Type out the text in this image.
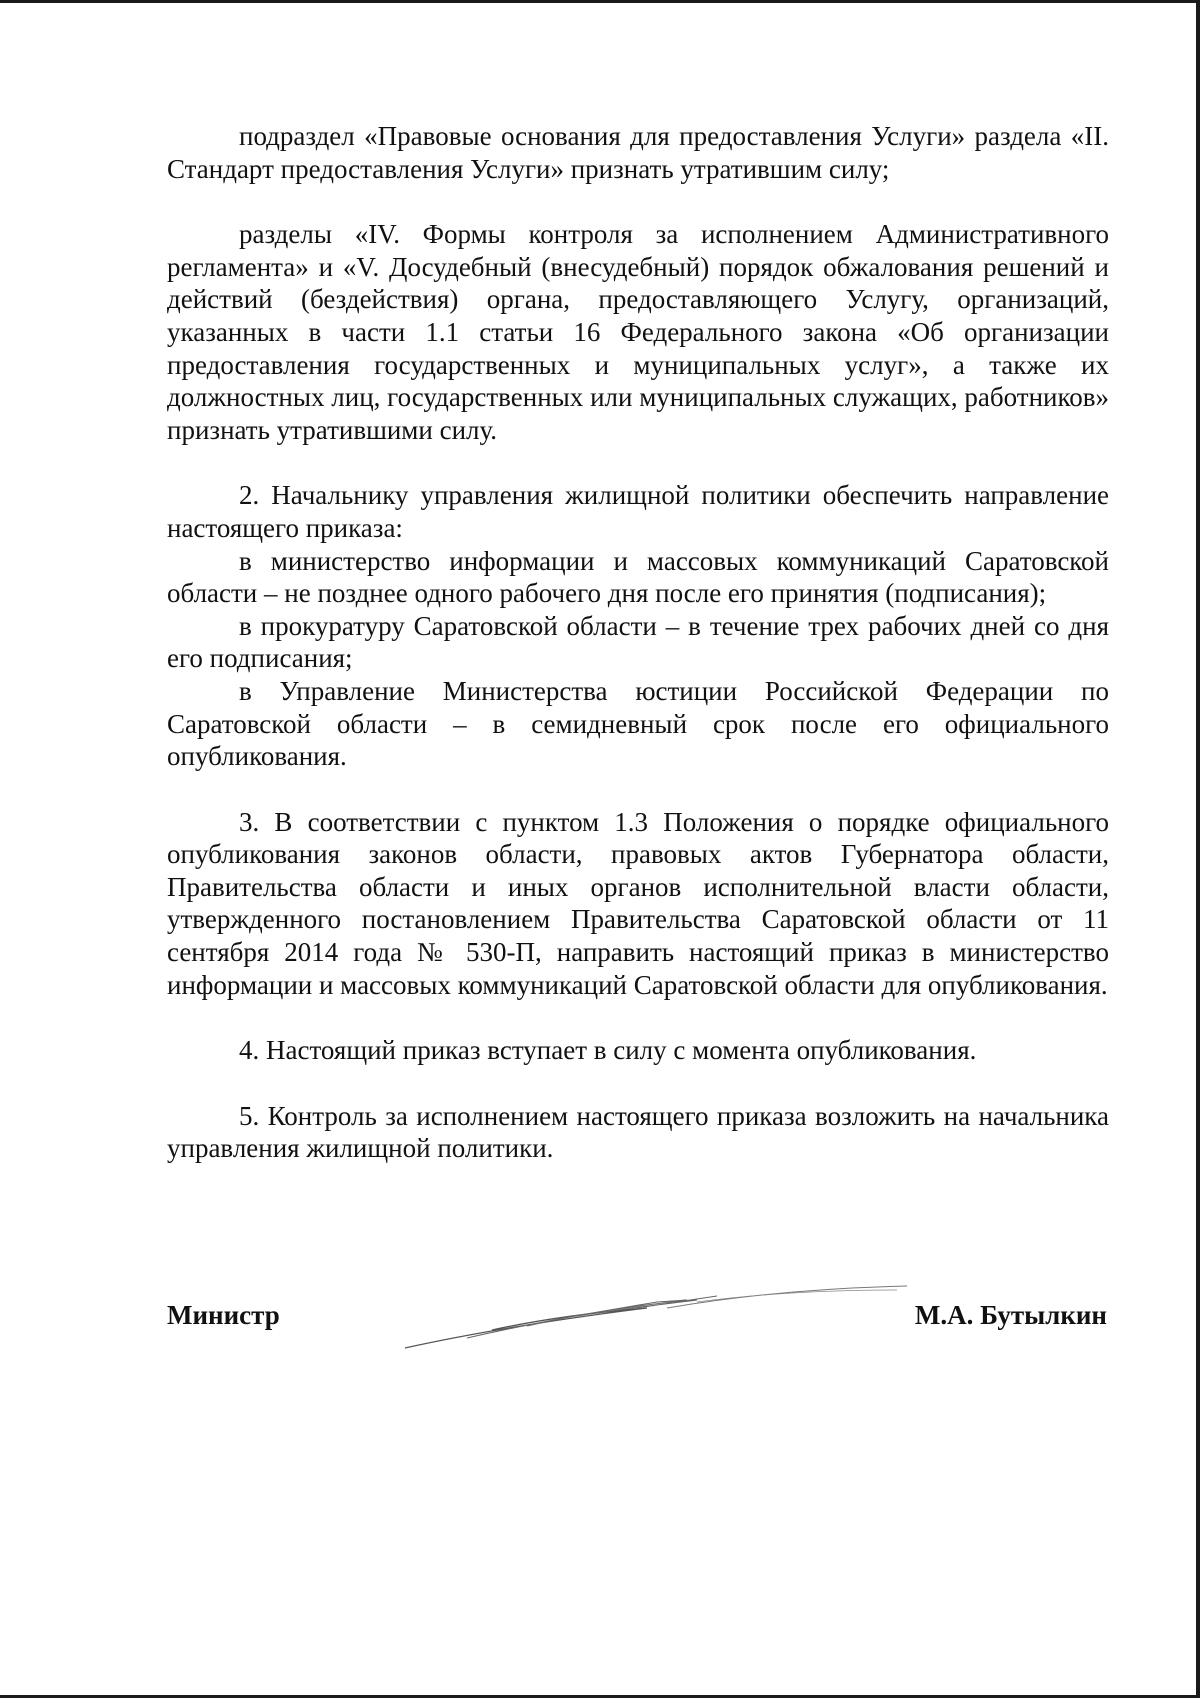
подраздел «Правовые основания для предоставления Услуги» раздела «II. Стандарт предоставления Услуги» признать утратившим силу;

разделы «IV. Формы контроля за исполнением Административного регламента» и «V. Досудебный (внесудебный) порядок обжалования решений и действий (бездействия) органа, предоставляющего Услугу, организаций, указанных в части 1.1 статьи 16 Федерального закона «Об организации предоставления государственных и муниципальных услуг», а также их должностных лиц, государственных или муниципальных служащих, работников» признать утратившими силу.

2. Начальнику управления жилищной политики обеспечить направление настоящего приказа:

в министерство информации и массовых коммуникаций Саратовской области – не позднее одного рабочего дня после его принятия (подписания);

в прокуратуру Саратовской области – в течение трех рабочих дней со дня его подписания;

в Управление Министерства юстиции Российской Федерации по Саратовской области – в семидневный срок после его официального опубликования.

3. В соответствии с пунктом 1.3 Положения о порядке официального опубликования законов области, правовых актов Губернатора области, Правительства области и иных органов исполнительной власти области, утвержденного постановлением Правительства Саратовской области от 11 сентября 2014 года № 530-П, направить настоящий приказ в министерство информации и массовых коммуникаций Саратовской области для опубликования.

4. Настоящий приказ вступает в силу с момента опубликования.

5. Контроль за исполнением настоящего приказа возложить на начальника управления жилищной политики.

Министр	М.А. Бутылкин
